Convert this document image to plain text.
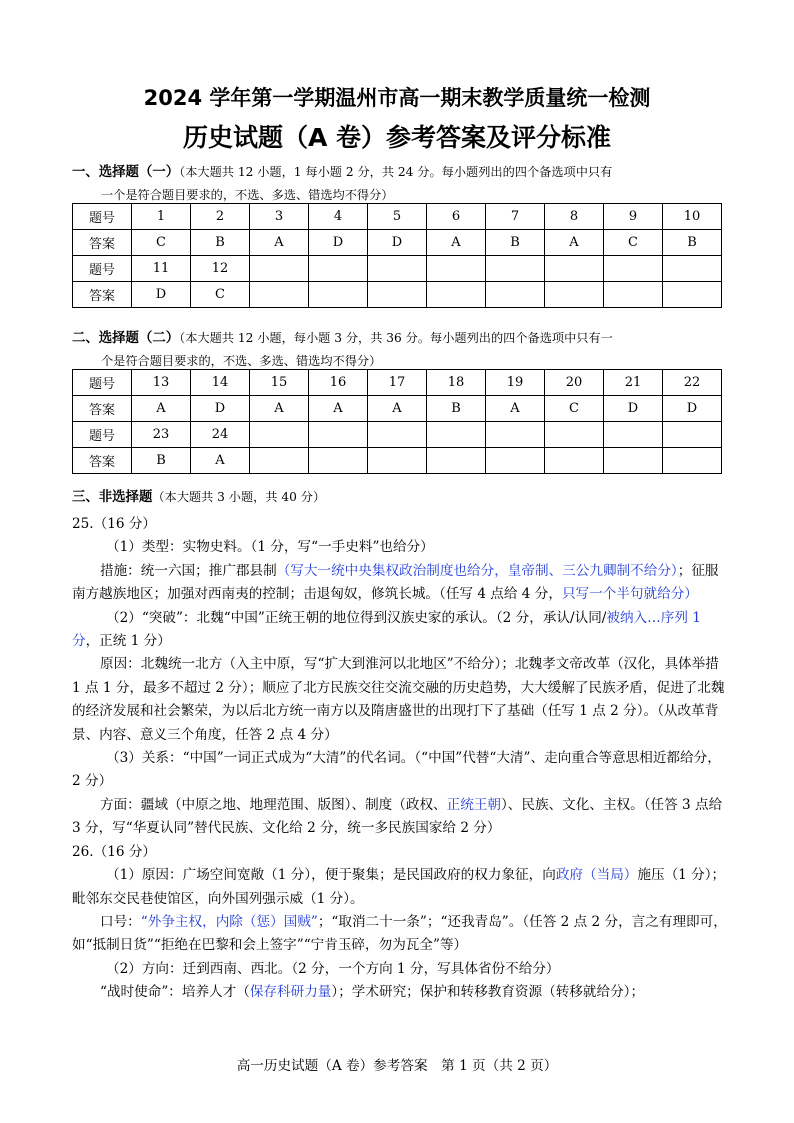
2024 学年第一学期温州市高一期末教学质量统一检测
历史试题（A 卷）参考答案及评分标准
一、选择题（一）（本大题共 12 小题，1 每小题 2 分，共 24 分。每小题列出的四个备选项中只有
一个是符合题目要求的，不选、多选、错选均不得分）
题号	1	2	3	4	5	6	7	8	9	10
答案	C	B	A	D	D	A	B	A	C	B
题号	11	12								
答案	D	C								
二、选择题（二）（本大题共 12 小题，每小题 3 分，共 36 分。每小题列出的四个备选项中只有一
个是符合题目要求的，不选、多选、错选均不得分）
题号	13	14	15	16	17	18	19	20	21	22
答案	A	D	A	A	A	B	A	C	D	D
题号	23	24								
答案	B	A								
三、非选择题（本大题共 3 小题，共 40 分）

25.（16 分）

（1）类型：实物史料。（1 分，写“一手史料”也给分）

措施：统一六国；推广郡县制（写大一统中央集权政治制度也给分，皇帝制、三公九卿制不给分）；征服南方越族地区；加强对西南夷的控制；击退匈奴，修筑长城。（任写 4 点给 4 分，只写一个半句就给分）

（2）“突破”：北魏“中国”正统王朝的地位得到汉族史家的承认。（2 分，承认/认同/被纳入…序列 1 分，正统 1 分）

原因：北魏统一北方（入主中原，写“扩大到淮河以北地区”不给分）；北魏孝文帝改革（汉化，具体举措 1 点 1 分，最多不超过 2 分）；顺应了北方民族交往交流交融的历史趋势，大大缓解了民族矛盾，促进了北魏的经济发展和社会繁荣，为以后北方统一南方以及隋唐盛世的出现打下了基础（任写 1 点 2 分）。（从改革背景、内容、意义三个角度，任答 2 点 4 分）

（3）关系：“中国”一词正式成为“大清”的代名词。（“中国”代替“大清”、走向重合等意思相近都给分，2 分）

方面：疆域（中原之地、地理范围、版图）、制度（政权、正统王朝）、民族、文化、主权。（任答 3 点给 3 分，写“华夏认同”替代民族、文化给 2 分，统一多民族国家给 2 分）

26.（16 分）

（1）原因：广场空间宽敞（1 分），便于聚集；是民国政府的权力象征，向政府（当局）施压（1 分）；毗邻东交民巷使馆区，向外国列强示威（1 分）。

口号：“外争主权，内除（惩）国贼”；“取消二十一条”；“还我青岛”。（任答 2 点 2 分，言之有理即可，如“抵制日货”“拒绝在巴黎和会上签字”“宁肯玉碎，勿为瓦全”等）

（2）方向：迁到西南、西北。（2 分，一个方向 1 分，写具体省份不给分）

“战时使命”：培养人才（保存科研力量）；学术研究；保护和转移教育资源（转移就给分）；

高一历史试题（A 卷）参考答案　第 1 页（共 2 页）
